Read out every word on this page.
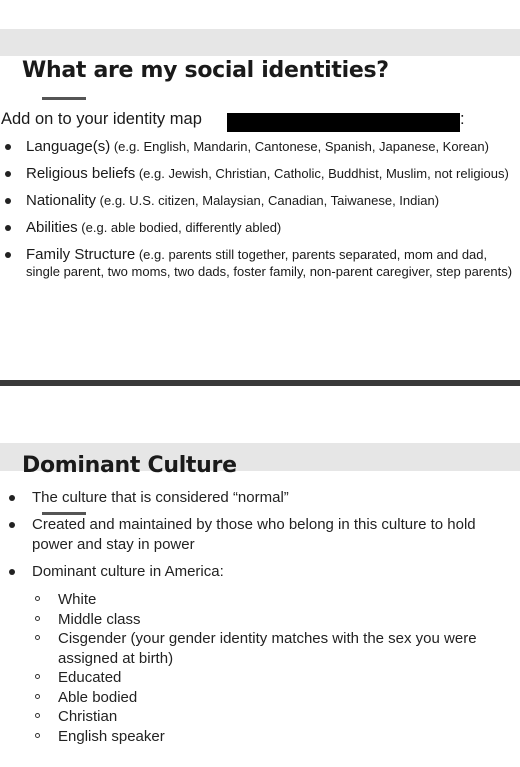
What are my social identities?
Add on to your identity map	:
Language(s) (e.g. English, Mandarin, Cantonese, Spanish, Japanese, Korean)
Religious beliefs (e.g. Jewish, Christian, Catholic, Buddhist, Muslim, not religious)
Nationality (e.g. U.S. citizen, Malaysian, Canadian, Taiwanese, Indian)
Abilities (e.g. able bodied, differently abled)
Family Structure (e.g. parents still together, parents separated, mom and dad, single parent, two moms, two dads, foster family, non-parent caregiver, step parents)
Dominant Culture
The culture that is considered “normal”
Created and maintained by those who belong in this culture to hold power and stay in power
Dominant culture in America:
White
Middle class
Cisgender (your gender identity matches with the sex you were assigned at birth)
Educated
Able bodied
Christian
English speaker
